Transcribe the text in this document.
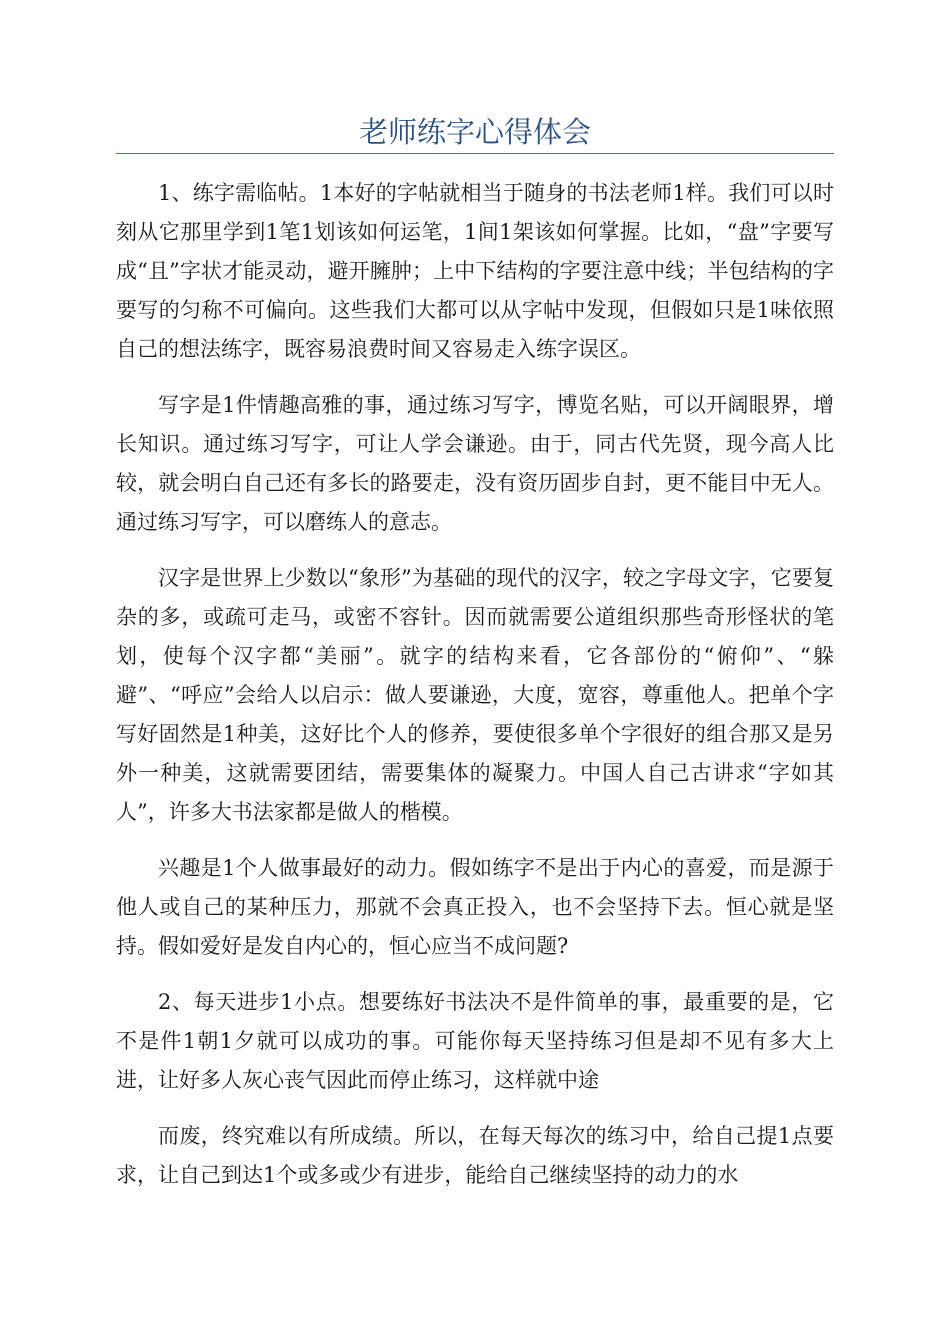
老师练字心得体会

1、练字需临帖。1本好的字帖就相当于随身的书法老师1样。我们可以时刻从它那里学到1笔1划该如何运笔，1间1架该如何掌握。比如，“盘”字要写成“且”字状才能灵动，避开臃肿；上中下结构的字要注意中线；半包结构的字要写的匀称不可偏向。这些我们大都可以从字帖中发现，但假如只是1味依照自己的想法练字，既容易浪费时间又容易走入练字误区。

写字是1件情趣高雅的事，通过练习写字，博览名贴，可以开阔眼界，增长知识。通过练习写字，可让人学会谦逊。由于，同古代先贤，现今高人比较，就会明白自己还有多长的路要走，没有资历固步自封，更不能目中无人。通过练习写字，可以磨练人的意志。

汉字是世界上少数以“象形”为基础的现代的汉字，较之字母文字，它要复杂的多，或疏可走马，或密不容针。因而就需要公道组织那些奇形怪状的笔划，使每个汉字都“美丽”。就字的结构来看，它各部份的“俯仰”、“躲避”、“呼应”会给人以启示：做人要谦逊，大度，宽容，尊重他人。把单个字写好固然是1种美，这好比个人的修养，要使很多单个字很好的组合那又是另外一种美，这就需要团结，需要集体的凝聚力。中国人自己古讲求“字如其人”，许多大书法家都是做人的楷模。

兴趣是1个人做事最好的动力。假如练字不是出于内心的喜爱，而是源于他人或自己的某种压力，那就不会真正投入，也不会坚持下去。恒心就是坚持。假如爱好是发自内心的，恒心应当不成问题?

2、每天进步1小点。想要练好书法决不是件简单的事，最重要的是，它不是件1朝1夕就可以成功的事。可能你每天坚持练习但是却不见有多大上进，让好多人灰心丧气因此而停止练习，这样就中途

而废，终究难以有所成绩。所以，在每天每次的练习中，给自己提1点要求，让自己到达1个或多或少有进步，能给自己继续坚持的动力的水
